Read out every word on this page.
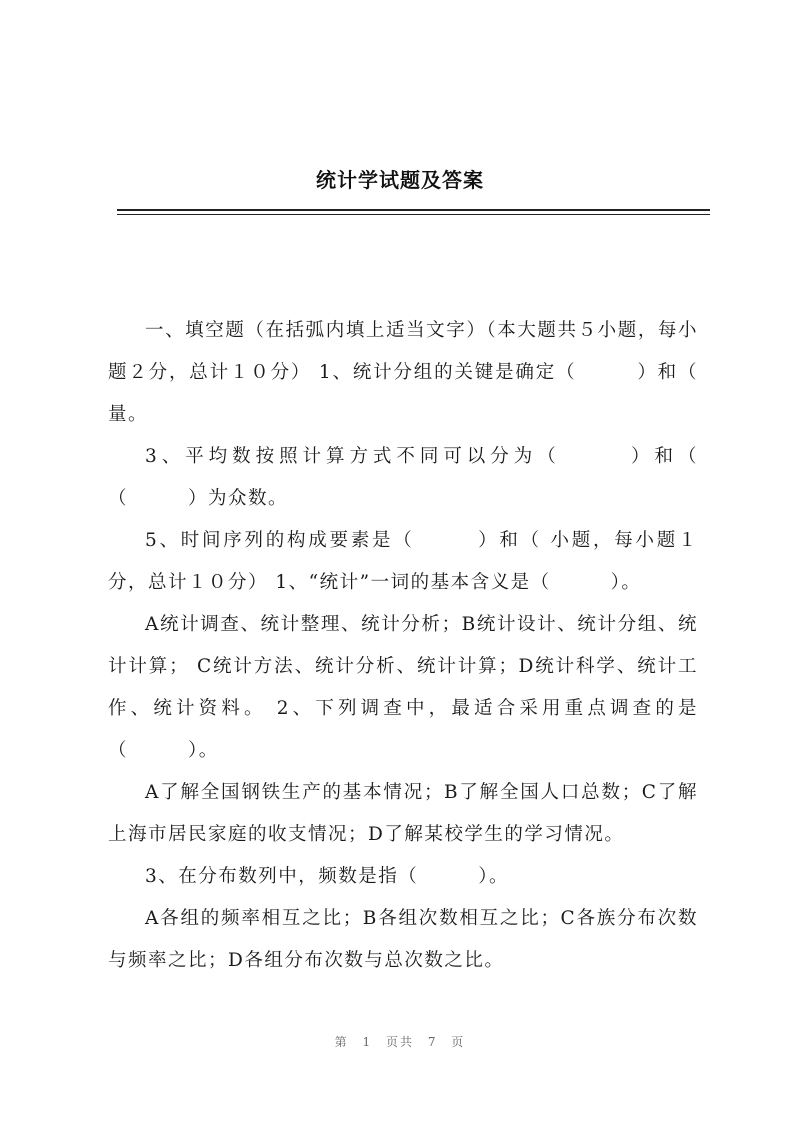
统计学试题及答案

一、填空题（在括弧内填上适当文字）（本大题共５小题，每小题２分，总计１０分） 1、统计分组的关键是确定（　　　）和（ 量。

3、平均数按照计算方式不同可以分为（　　　）和（ （　　　）为众数。

5、时间序列的构成要素是（　　　）和（ 小题，每小题１分，总计１０分） 1、“统计”一词的基本含义是（　　　）。

A统计调查、统计整理、统计分析；B统计设计、统计分组、统计计算； C统计方法、统计分析、统计计算；D统计科学、统计工作、统计资料。 2、下列调查中，最适合采用重点调查的是（　　　）。

A了解全国钢铁生产的基本情况；B了解全国人口总数；C了解上海市居民家庭的收支情况；D了解某校学生的学习情况。

3、在分布数列中，频数是指（　　　）。

A各组的频率相互之比；B各组次数相互之比；C各族分布次数与频率之比；D各组分布次数与总次数之比。

第 1 页共 7 页
